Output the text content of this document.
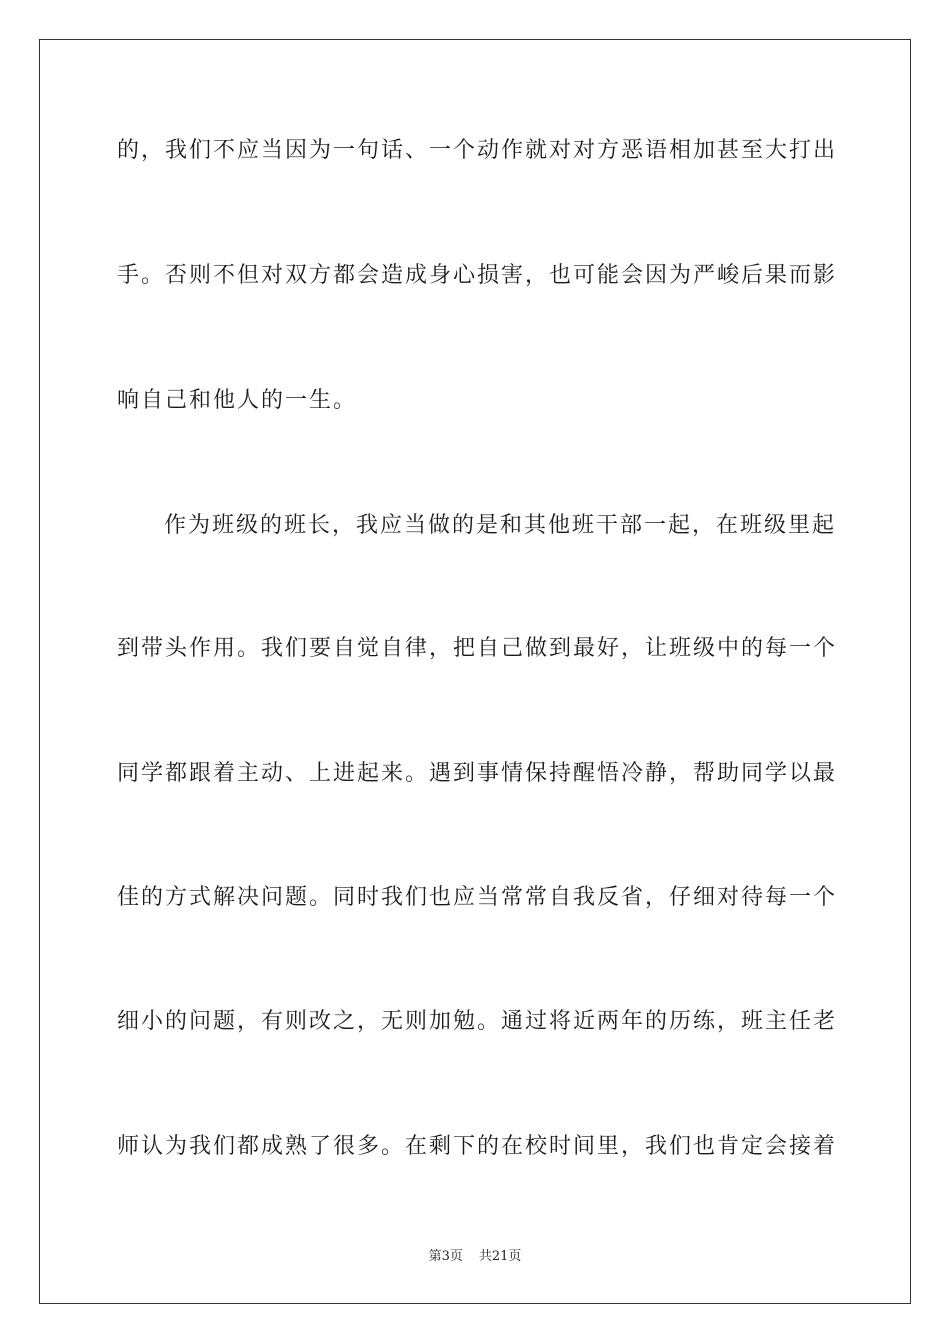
的，我们不应当因为一句话、一个动作就对对方恶语相加甚至大打出
手。否则不但对双方都会造成身心损害，也可能会因为严峻后果而影
响自己和他人的一生。
作为班级的班长，我应当做的是和其他班干部一起，在班级里起
到带头作用。我们要自觉自律，把自己做到最好，让班级中的每一个
同学都跟着主动、上进起来。遇到事情保持醒悟冷静，帮助同学以最
佳的方式解决问题。同时我们也应当常常自我反省，仔细对待每一个
细小的问题，有则改之，无则加勉。通过将近两年的历练，班主任老
师认为我们都成熟了很多。在剩下的在校时间里，我们也肯定会接着
第3页 共21页
